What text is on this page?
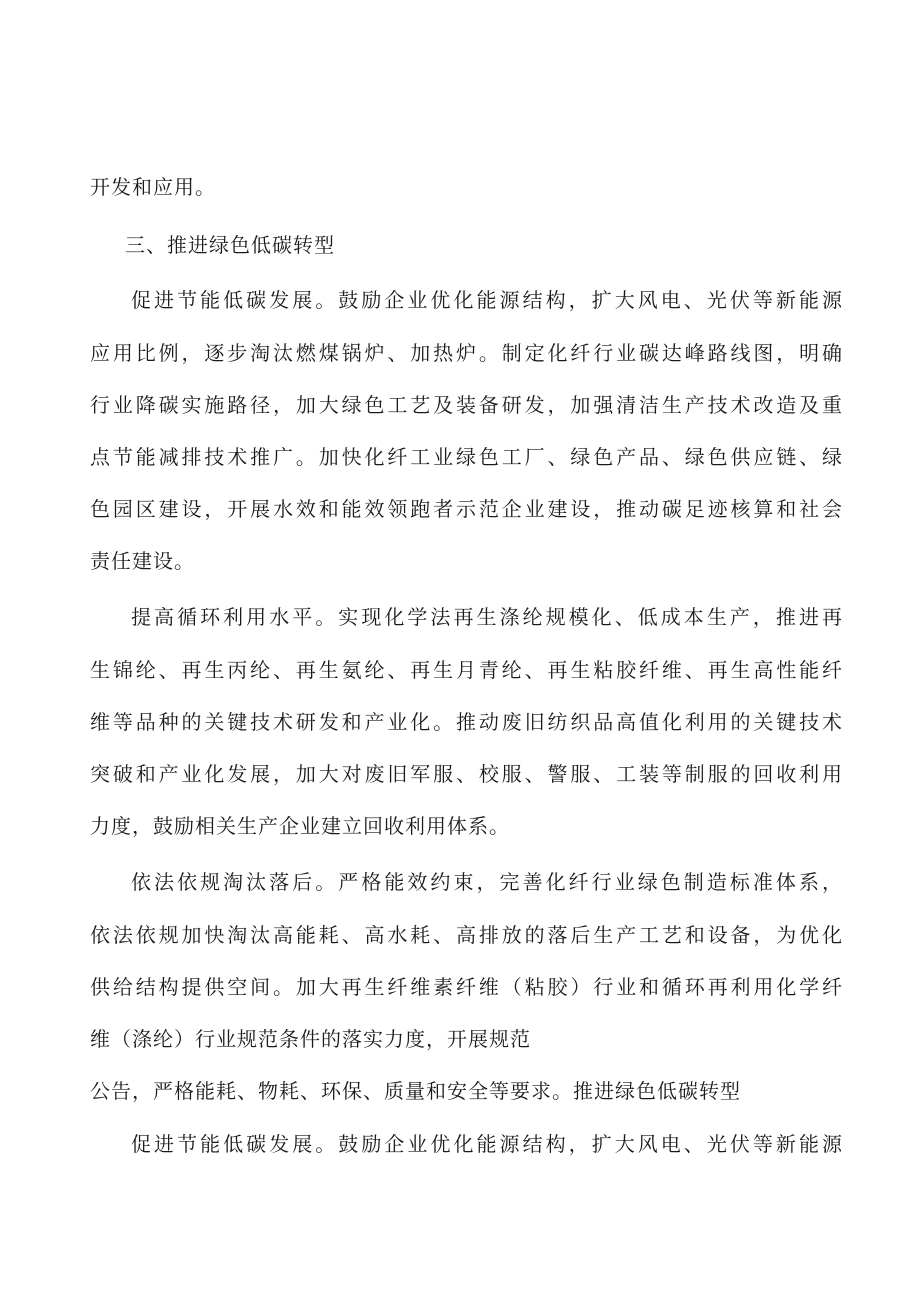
开发和应用。
三、推进绿色低碳转型
促进节能低碳发展。鼓励企业优化能源结构，扩大风电、光伏等新能源
应用比例，逐步淘汰燃煤锅炉、加热炉。制定化纤行业碳达峰路线图，明确
行业降碳实施路径，加大绿色工艺及装备研发，加强清洁生产技术改造及重
点节能减排技术推广。加快化纤工业绿色工厂、绿色产品、绿色供应链、绿
色园区建设，开展水效和能效领跑者示范企业建设，推动碳足迹核算和社会
责任建设。
提高循环利用水平。实现化学法再生涤纶规模化、低成本生产，推进再
生锦纶、再生丙纶、再生氨纶、再生月青纶、再生粘胶纤维、再生高性能纤
维等品种的关键技术研发和产业化。推动废旧纺织品高值化利用的关键技术
突破和产业化发展，加大对废旧军服、校服、警服、工装等制服的回收利用
力度，鼓励相关生产企业建立回收利用体系。
依法依规淘汰落后。严格能效约束，完善化纤行业绿色制造标准体系，
依法依规加快淘汰高能耗、高水耗、高排放的落后生产工艺和设备，为优化
供给结构提供空间。加大再生纤维素纤维（粘胶）行业和循环再利用化学纤
维（涤纶）行业规范条件的落实力度，开展规范
公告，严格能耗、物耗、环保、质量和安全等要求。推进绿色低碳转型
促进节能低碳发展。鼓励企业优化能源结构，扩大风电、光伏等新能源
